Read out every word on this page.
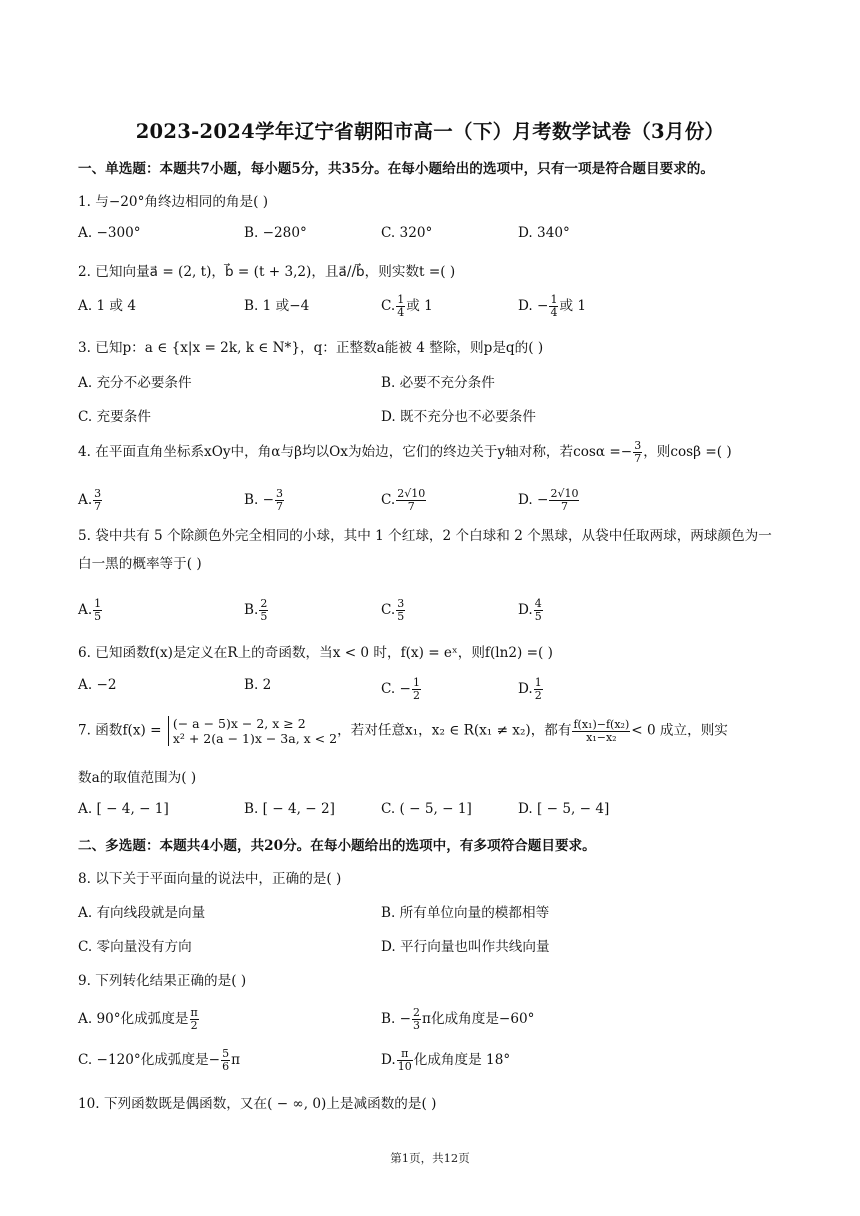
2023-2024学年辽宁省朝阳市高一（下）月考数学试卷（3月份）
一、单选题：本题共7小题，每小题5分，共35分。在每小题给出的选项中，只有一项是符合题目要求的。
1. 与−20°角终边相同的角是( )
A. −300°	B. −280°	C. 320°	D. 340°
2. 已知向量a⃗ = (2, t)，b⃗ = (t + 3,2)，且a⃗//b⃗，则实数t =( )
A. 1 或 4	B. 1 或−4	C. $\frac{1}{4}$ 或 1	D. − $\frac{1}{4}$ 或 1
3. 已知p：a ∈ {x|x = 2k, k ∈ N*}，q：正整数a能被 4 整除，则p是q的( )
A. 充分不必要条件	B. 必要不充分条件
C. 充要条件	D. 既不充分也不必要条件
4. 在平面直角坐标系xOy中，角α与β均以Ox为始边，它们的终边关于y轴对称，若$\cos\alpha =- \frac{3}{7}$ ，则cosβ =( )
A. $\frac{3}{7}$	B. − $\frac{3}{7}$	C. $\frac{2√10}{7}$	D. − $\frac{2√10}{7}$
5. 袋中共有 5 个除颜色外完全相同的小球，其中 1 个红球，2 个白球和 2 个黑球，从袋中任取两球，两球颜色为一白一黑的概率等于( )
A. $\frac{1}{5}$	B. $\frac{2}{5}$	C. $\frac{3}{5}$	D. $\frac{4}{5}$
6. 已知函数f(x)是定义在R上的奇函数，当x < 0 时，f(x) = eˣ，则f(ln2) =( )
A. −2	B. 2	C. − $\frac{1}{2}$	D. $\frac{1}{2}$
7. 函数f(x) = (− a − 5)x − 2, x ≥ 2
x² + 2(a − 1)x − 3a, x < 2 ，若对任意x₁，x₂ ∈ R(x₁ ≠ x₂)，都有 $\frac{\text{f(x₁)−f(x₂)}}{\text{x₁−x₂}} < 0$ 成立，则实
数a的取值范围为( )
A. [ − 4, − 1]	B. [ − 4, − 2]	C. ( − 5, − 1]	D. [ − 5, − 4]
二、多选题：本题共4小题，共20分。在每小题给出的选项中，有多项符合题目要求。
8. 以下关于平面向量的说法中，正确的是( )
A. 有向线段就是向量	B. 所有单位向量的模都相等
C. 零向量没有方向	D. 平行向量也叫作共线向量
9. 下列转化结果正确的是( )
A. 90°化成弧度是 $\frac{\pi}{2}$	B. − $\frac{2}{3}$ π化成角度是−60°
C. −120°化成弧度是− $\frac{5}{6}$ π	D. $\frac{\pi}{10}$ 化成角度是 18°
10. 下列函数既是偶函数，又在( − ∞, 0)上是减函数的是( )
第1页，共12页
